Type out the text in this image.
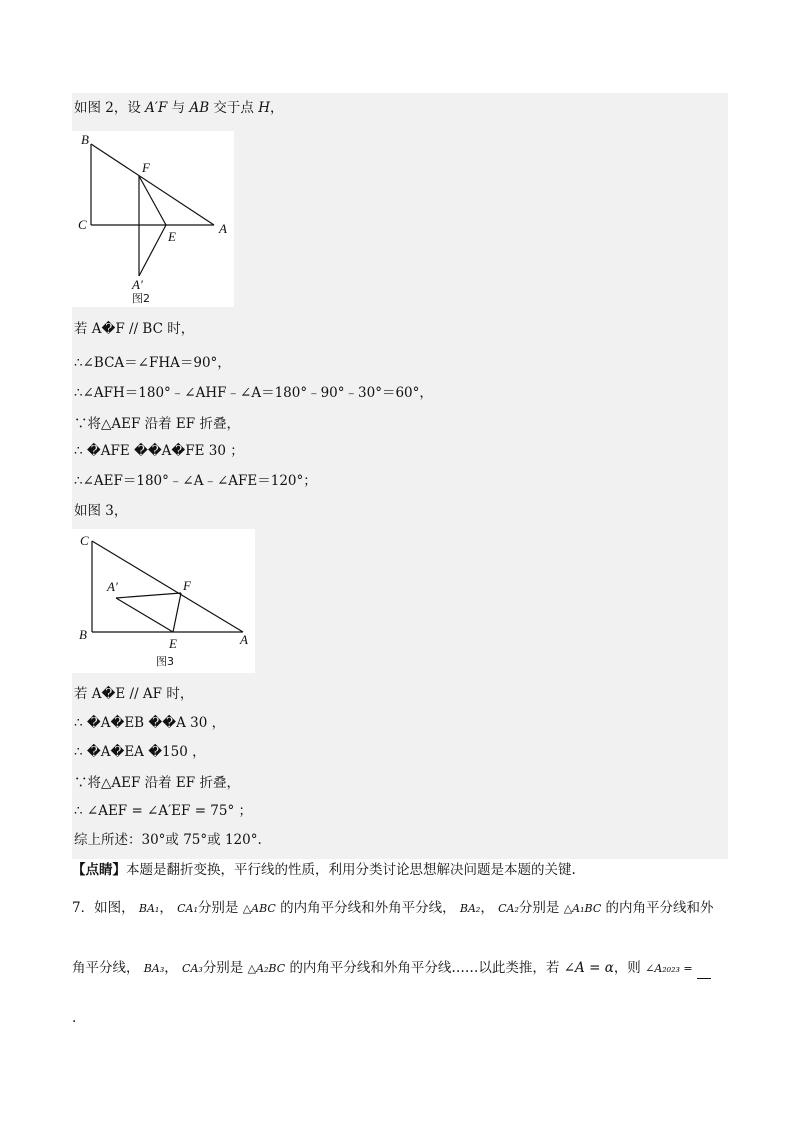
如图 2，设 A′F 与 AB 交于点 H，
B
F
C
E
A
A′
图2
若 A�F // BC 时，
∴∠BCA＝∠FHA＝90°，
∴∠AFH＝180°﹣∠AHF﹣∠A＝180°﹣90°﹣30°＝60°，
∵将△AEF 沿着 EF 折叠，
∴ �AFE ��A�FE 30 ；
∴∠AEF＝180°﹣∠A﹣∠AFE＝120°；
如图 3，
C
A′	F
B
E	A
图3
若 A�E // AF 时，
∴ �A�EB ��A 30 ，
∴ �A�EA �150 ，
∵将△AEF 沿着 EF 折叠，
∴ ∠AEF = ∠A′EF = 75° ；
综上所述：30°或 75°或 120°.
【点睛】本题是翻折变换，平行线的性质，利用分类讨论思想解决问题是本题的关键.
7．如图， BA₁， CA₁分别是 △ABC 的内角平分线和外角平分线， BA₂， CA₂分别是 △A₁BC 的内角平分线和外
角平分线， BA₃， CA₃分别是 △A₂BC 的内角平分线和外角平分线……以此类推，若 ∠A = α，则 ∠A₂₀₂₃ =
.
